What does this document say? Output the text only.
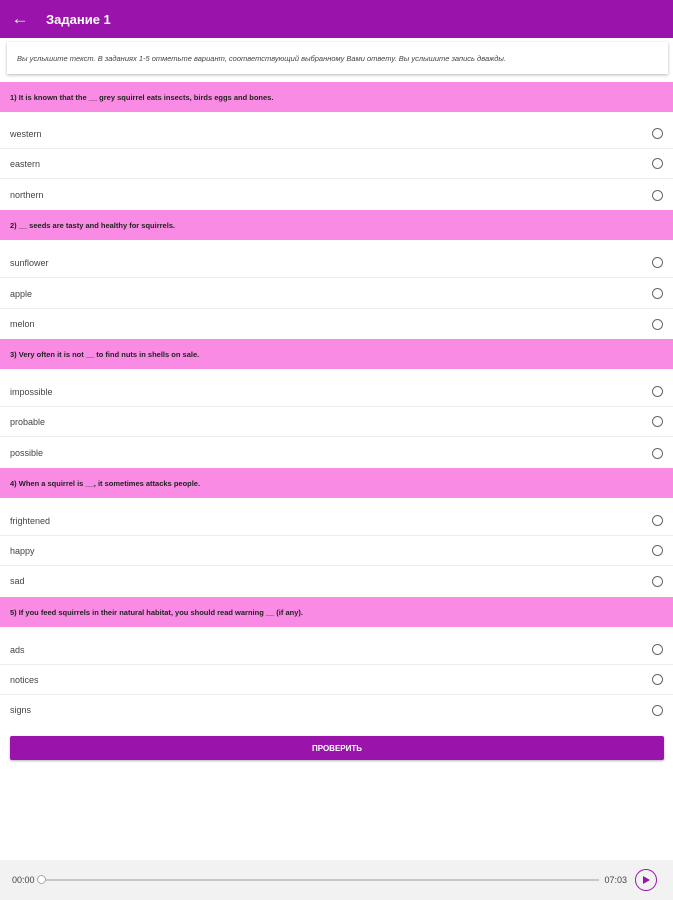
←	Задание 1
Вы услышите текст. В заданиях 1-5 отметьте вариант, соответствующий выбранному Вами ответу. Вы услышите запись дважды.
1) It is known that the __ grey squirrel eats insects, birds eggs and bones.
western
eastern
northern
2) __ seeds are tasty and healthy for squirrels.
sunflower
apple
melon
3) Very often it is not __ to find nuts in shells on sale.
impossible
probable
possible
4) When a squirrel is __, it sometimes attacks people.
frightened
happy
sad
5) If you feed squirrels in their natural habitat, you should read warning __ (if any).
ads
notices
signs
ПРОВЕРИТЬ
00:00	07:03
